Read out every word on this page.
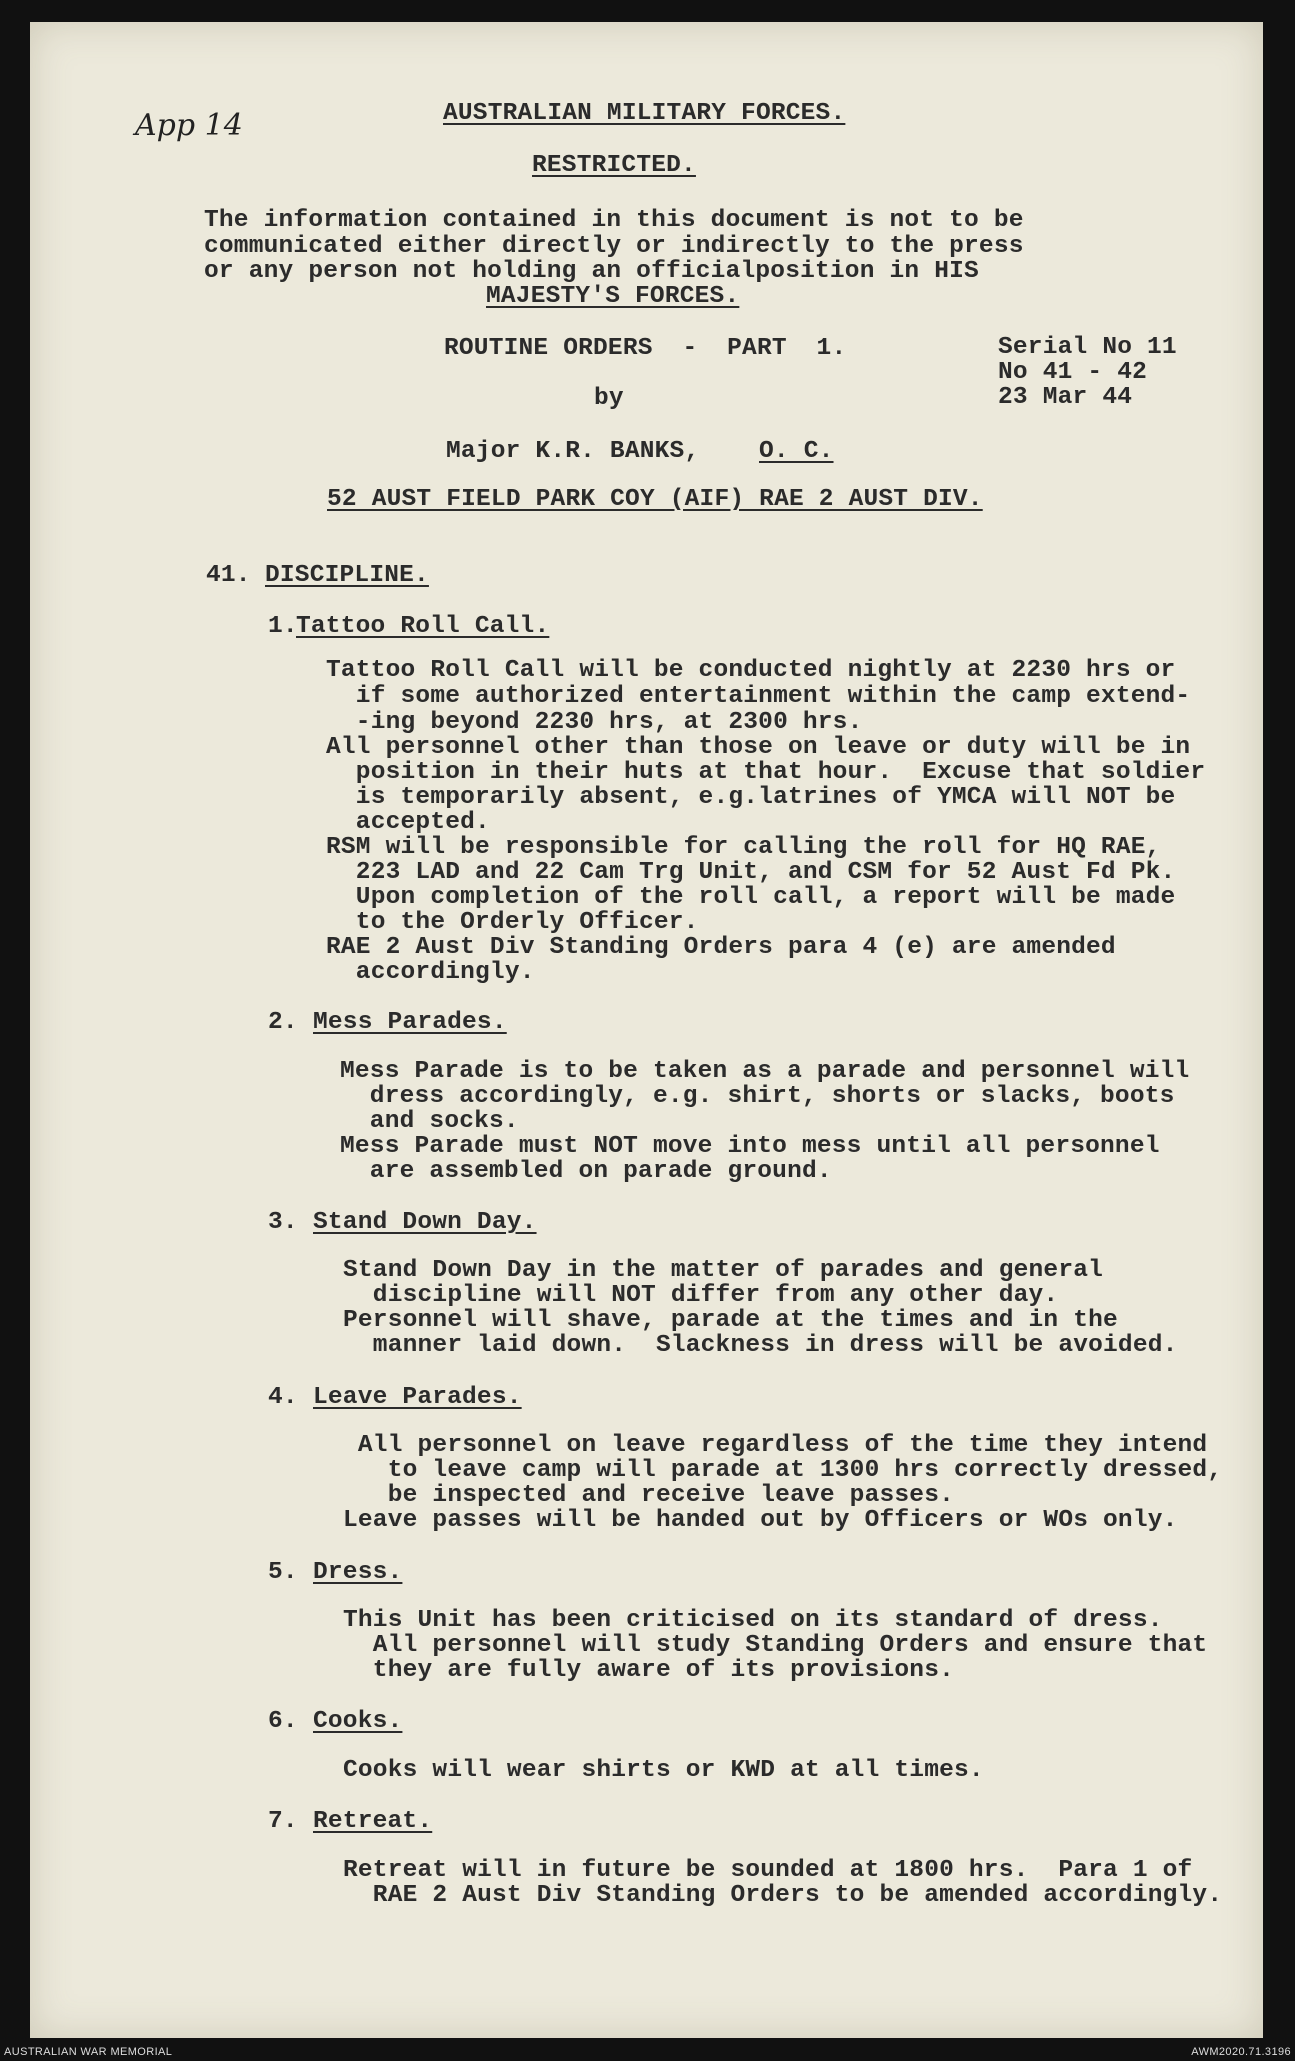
App 14	AUSTRALIAN MILITARY FORCES.
RESTRICTED.
The information contained in this document is not to be
communicated either directly or indirectly to the press
or any person not holding an officialposition in HIS
MAJESTY'S FORCES.
ROUTINE ORDERS  -  PART  1.	Serial No 11
No 41 - 42
23 Mar 44
by
Major K.R. BANKS, O. C.
52 AUST FIELD PARK COY (AIF) RAE 2 AUST DIV.
41. DISCIPLINE.
1.
Tattoo Roll Call.
Tattoo Roll Call will be conducted nightly at 2230 hrs or
if some authorized entertainment within the camp extend-
-ing beyond 2230 hrs, at 2300 hrs.
All personnel other than those on leave or duty will be in
position in their huts at that hour.  Excuse that soldier
is temporarily absent, e.g.latrines of YMCA will NOT be
accepted.
RSM will be responsible for calling the roll for HQ RAE,
223 LAD and 22 Cam Trg Unit, and CSM for 52 Aust Fd Pk.
Upon completion of the roll call, a report will be made
to the Orderly Officer.
RAE 2 Aust Div Standing Orders para 4 (e) are amended
accordingly.
2. Mess Parades.
Mess Parade is to be taken as a parade and personnel will
dress accordingly, e.g. shirt, shorts or slacks, boots
and socks.
Mess Parade must NOT move into mess until all personnel
are assembled on parade ground.
3. Stand Down Day.
Stand Down Day in the matter of parades and general
discipline will NOT differ from any other day.
Personnel will shave, parade at the times and in the
manner laid down.  Slackness in dress will be avoided.
4. Leave Parades.
All personnel on leave regardless of the time they intend
to leave camp will parade at 1300 hrs correctly dressed,
be inspected and receive leave passes.
Leave passes will be handed out by Officers or WOs only.
5. Dress.
This Unit has been criticised on its standard of dress.
All personnel will study Standing Orders and ensure that
they are fully aware of its provisions.
6. Cooks.
Cooks will wear shirts or KWD at all times.
7. Retreat.
Retreat will in future be sounded at 1800 hrs.  Para 1 of
RAE 2 Aust Div Standing Orders to be amended accordingly.
AUSTRALIAN WAR MEMORIAL	AWM2020.71.3196
